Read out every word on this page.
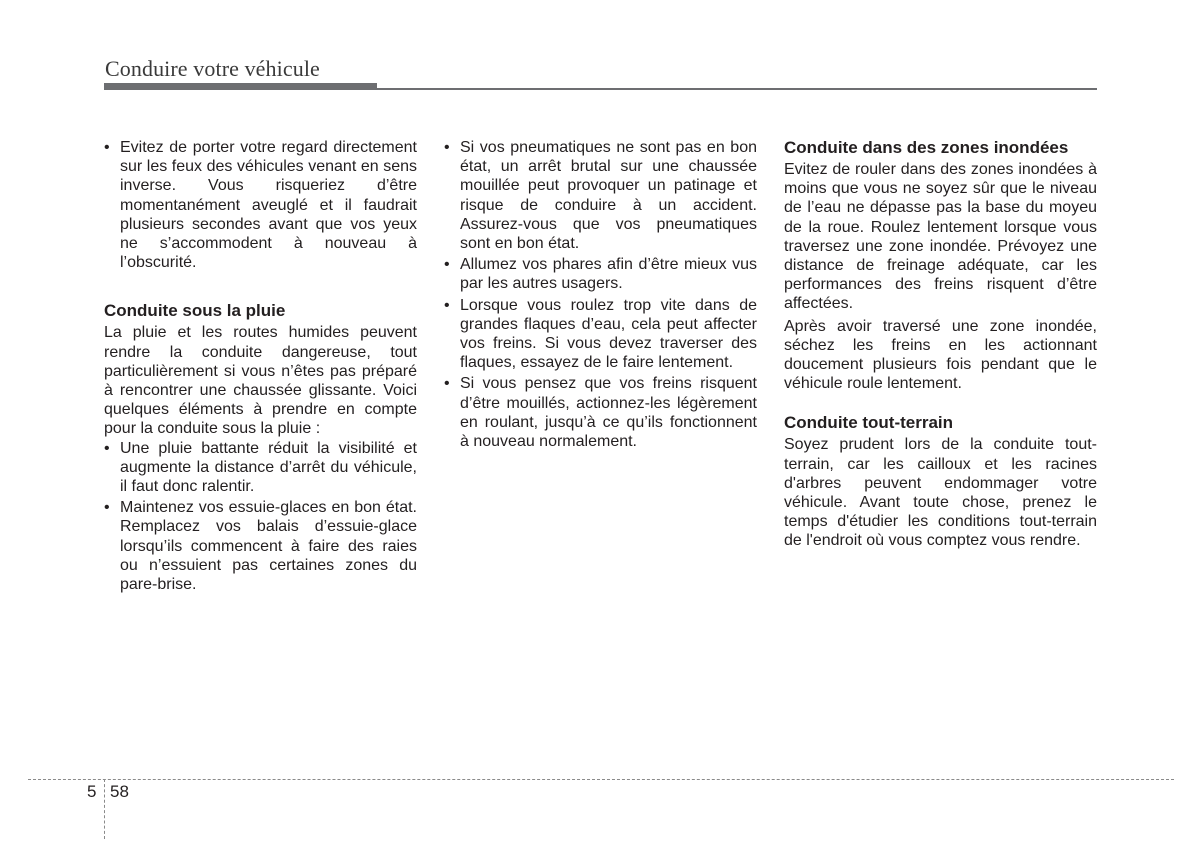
Conduire votre véhicule
• Evitez de porter votre regard directement sur les feux des véhicules venant en sens inverse. Vous risqueriez d’être momentanément aveuglé et il faudrait plusieurs secondes avant que vos yeux ne s’accommodent à nouveau à l’obscurité.
Conduite sous la pluie

La pluie et les routes humides peuvent rendre la conduite dangereuse, tout particulièrement si vous n’êtes pas préparé à rencontrer une chaussée glissante. Voici quelques éléments à prendre en compte pour la conduite sous la pluie :

• Une pluie battante réduit la visibilité et augmente la distance d’arrêt du véhicule, il faut donc ralentir.
• Maintenez vos essuie-glaces en bon état. Remplacez vos balais d’essuie-glace lorsqu’ils commencent à faire des raies ou n’essuient pas certaines zones du pare-brise.
• Si vos pneumatiques ne sont pas en bon état, un arrêt brutal sur une chaussée mouillée peut provoquer un patinage et risque de conduire à un accident. Assurez-vous que vos pneumatiques sont en bon état.
• Allumez vos phares afin d’être mieux vus par les autres usagers.
• Lorsque vous roulez trop vite dans de grandes flaques d’eau, cela peut affecter vos freins. Si vous devez traverser des flaques, essayez de le faire lentement.
• Si vous pensez que vos freins risquent d’être mouillés, actionnez-les légèrement en roulant, jusqu’à ce qu’ils fonctionnent à nouveau normalement.
Conduite dans des zones inondées

Evitez de rouler dans des zones inondées à moins que vous ne soyez sûr que le niveau de l’eau ne dépasse pas la base du moyeu de la roue. Roulez lentement lorsque vous traversez une zone inondée. Prévoyez une distance de freinage adéquate, car les performances des freins risquent d’être affectées.

Après avoir traversé une zone inondée, séchez les freins en les actionnant doucement plusieurs fois pendant que le véhicule roule lentement.

Conduite tout-terrain

Soyez prudent lors de la conduite tout-terrain, car les cailloux et les racines d'arbres peuvent endommager votre véhicule. Avant toute chose, prenez le temps d'étudier les conditions tout-terrain de l'endroit où vous comptez vous rendre.

5 58
